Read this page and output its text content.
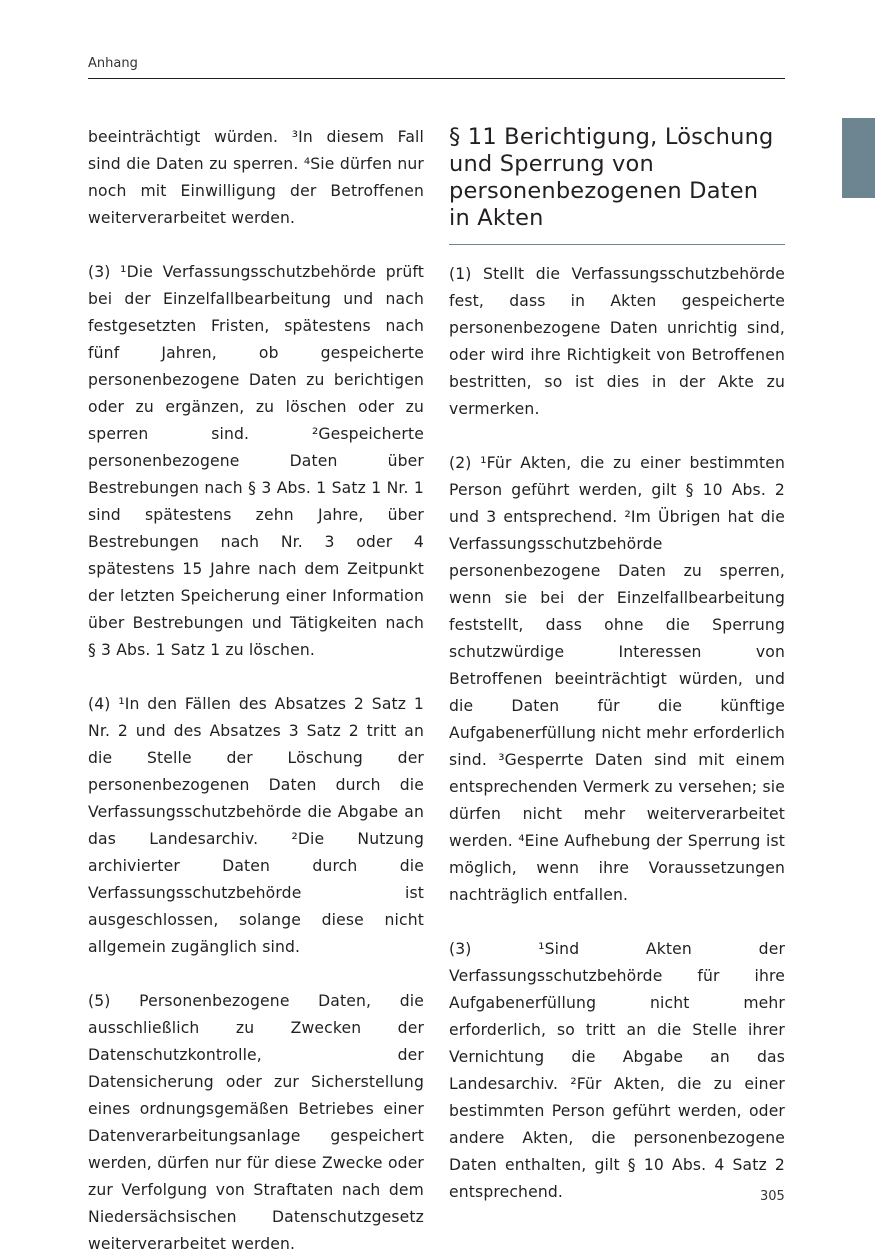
Anhang

beeinträchtigt würden. ³In diesem Fall sind die Daten zu sperren. ⁴Sie dürfen nur noch mit Einwilligung der Betroffenen weiterverarbeitet werden.

(3) ¹Die Verfassungsschutzbehörde prüft bei der Einzelfallbearbeitung und nach festgesetzten Fristen, spätestens nach fünf Jahren, ob gespeicherte personenbezogene Daten zu berichtigen oder zu ergänzen, zu löschen oder zu sperren sind. ²Gespeicherte personenbezogene Daten über Bestrebungen nach § 3 Abs. 1 Satz 1 Nr. 1 sind spätestens zehn Jahre, über Bestrebungen nach Nr. 3 oder 4 spätestens 15 Jahre nach dem Zeitpunkt der letzten Speicherung einer Information über Bestrebungen und Tätigkeiten nach § 3 Abs. 1 Satz 1 zu löschen.

(4) ¹In den Fällen des Absatzes 2 Satz 1 Nr. 2 und des Absatzes 3 Satz 2 tritt an die Stelle der Löschung der personenbezogenen Daten durch die Verfassungsschutzbehörde die Abgabe an das Landesarchiv. ²Die Nutzung archivierter Daten durch die Verfassungsschutzbehörde ist ausgeschlossen, solange diese nicht allgemein zugänglich sind.

(5) Personenbezogene Daten, die ausschließlich zu Zwecken der Datenschutzkontrolle, der Datensicherung oder zur Sicherstellung eines ordnungsgemäßen Betriebes einer Datenverarbeitungsanlage gespeichert werden, dürfen nur für diese Zwecke oder zur Verfolgung von Straftaten nach dem Niedersächsischen Datenschutzgesetz weiterverarbeitet werden.

§ 11 Berichtigung, Löschung und Sperrung von personenbezogenen Daten in Akten

(1) Stellt die Verfassungsschutzbehörde fest, dass in Akten gespeicherte personenbezogene Daten unrichtig sind, oder wird ihre Richtigkeit von Betroffenen bestritten, so ist dies in der Akte zu vermerken.

(2) ¹Für Akten, die zu einer bestimmten Person geführt werden, gilt § 10 Abs. 2 und 3 entsprechend. ²Im Übrigen hat die Verfassungsschutzbehörde personenbezogene Daten zu sperren, wenn sie bei der Einzelfallbearbeitung feststellt, dass ohne die Sperrung schutzwürdige Interessen von Betroffenen beeinträchtigt würden, und die Daten für die künftige Aufgabenerfüllung nicht mehr erforderlich sind. ³Gesperrte Daten sind mit einem entsprechenden Vermerk zu versehen; sie dürfen nicht mehr weiterverarbeitet werden. ⁴Eine Aufhebung der Sperrung ist möglich, wenn ihre Voraussetzungen nachträglich entfallen.

(3) ¹Sind Akten der Verfassungsschutzbehörde für ihre Aufgabenerfüllung nicht mehr erforderlich, so tritt an die Stelle ihrer Vernichtung die Abgabe an das Landesarchiv. ²Für Akten, die zu einer bestimmten Person geführt werden, oder andere Akten, die personenbezogene Daten enthalten, gilt § 10 Abs. 4 Satz 2 entsprechend.	305
